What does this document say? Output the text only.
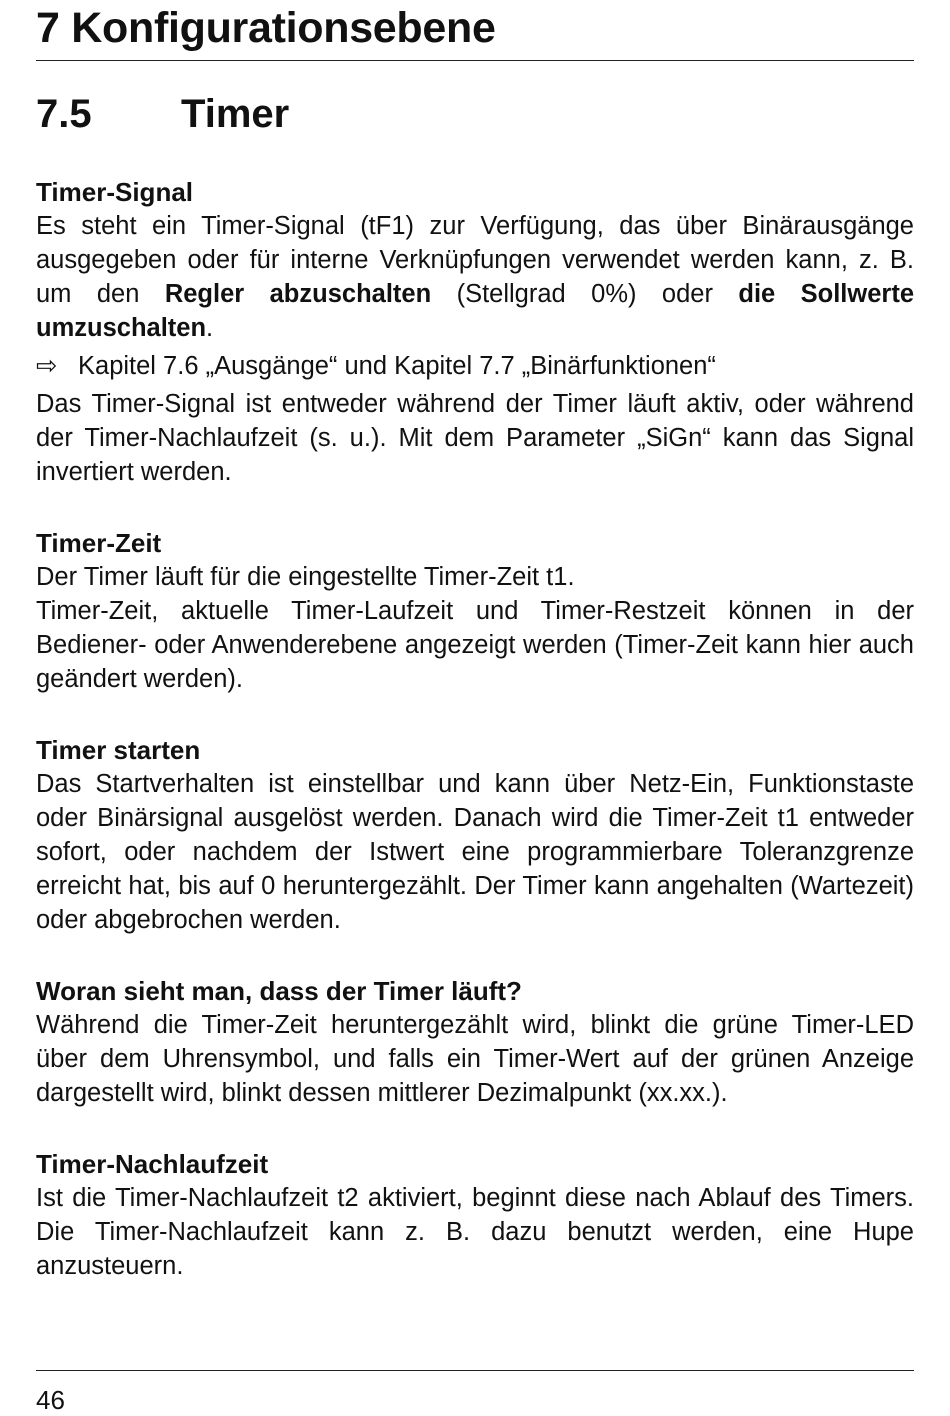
7 Konfigurationsebene
7.5 Timer
Timer-Signal

Es steht ein Timer-Signal (tF1) zur Verfügung, das über Binärausgänge ausgegeben oder für interne Verknüpfungen verwendet werden kann, z. B. um den Regler abzuschalten (Stellgrad 0%) oder die Sollwerte umzuschalten.

⇨ Kapitel 7.6 „Ausgänge“ und Kapitel 7.7 „Binärfunktionen“

Das Timer-Signal ist entweder während der Timer läuft aktiv, oder während der Timer-Nachlaufzeit (s. u.). Mit dem Parameter „SiGn“ kann das Signal invertiert werden.

Timer-Zeit

Der Timer läuft für die eingestellte Timer-Zeit t1.

Timer-Zeit, aktuelle Timer-Laufzeit und Timer-Restzeit können in der Bediener- oder Anwenderebene angezeigt werden (Timer-Zeit kann hier auch geändert werden).

Timer starten

Das Startverhalten ist einstellbar und kann über Netz-Ein, Funktionstaste oder Binärsignal ausgelöst werden. Danach wird die Timer-Zeit t1 entweder sofort, oder nachdem der Istwert eine programmierbare Toleranzgrenze erreicht hat, bis auf 0 heruntergezählt. Der Timer kann angehalten (Wartezeit) oder abgebrochen werden.

Woran sieht man, dass der Timer läuft?

Während die Timer-Zeit heruntergezählt wird, blinkt die grüne Timer-LED über dem Uhrensymbol, und falls ein Timer-Wert auf der grünen Anzeige dargestellt wird, blinkt dessen mittlerer Dezimalpunkt (xx.xx.).

Timer-Nachlaufzeit

Ist die Timer-Nachlaufzeit t2 aktiviert, beginnt diese nach Ablauf des Timers. Die Timer-Nachlaufzeit kann z. B. dazu benutzt werden, eine Hupe anzusteuern.

46
